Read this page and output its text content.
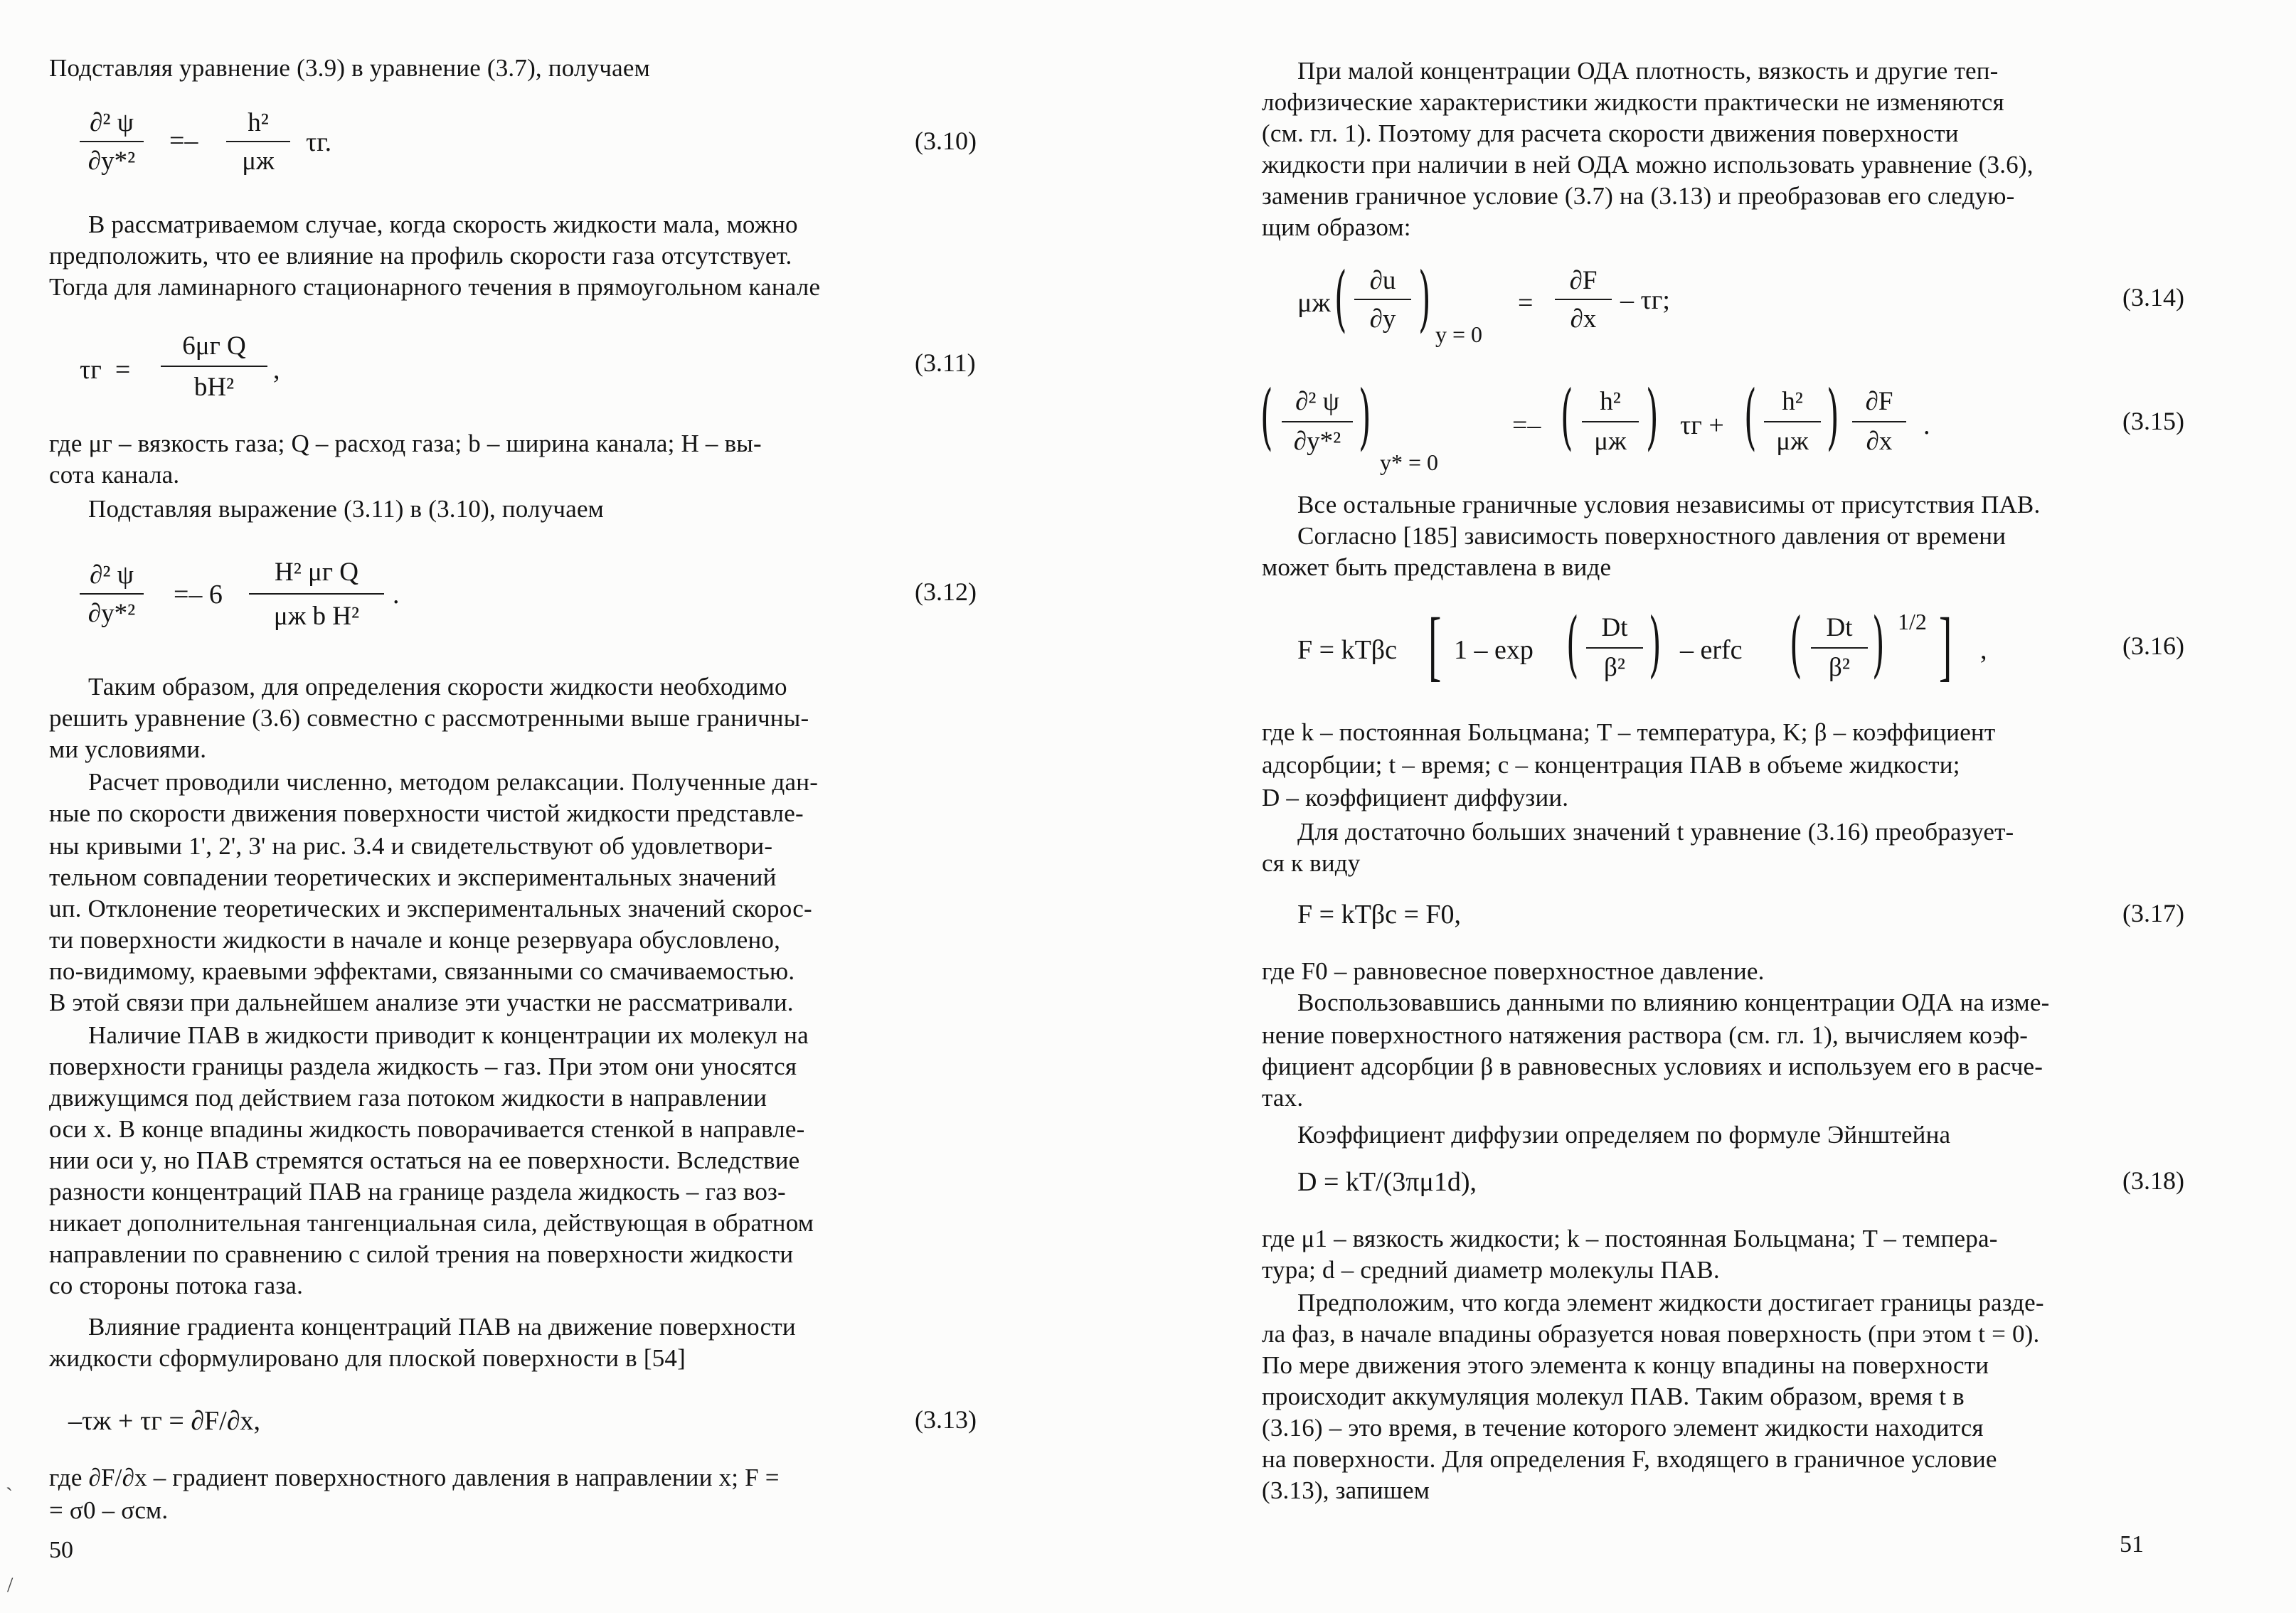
Подставляя уравнение (3.9) в уравнение (3.7), получаем

∂² ψ
∂y*²
=–
h²
μж
τг.	(3.10)

В рассматриваемом случае, когда скорость жидкости мала, можно

предположить, что ее влияние на профиль скорости газа отсутствует.

Тогда для ламинарного стационарного течения в прямоугольном канале

τг  =
6μг Q
bH²
,	(3.11)

где μг – вязкость газа; Q – расход газа; b – ширина канала; H – вы-

сота канала.

Подставляя выражение (3.11) в (3.10), получаем

∂² ψ
∂y*²
=– 6
H² μг Q
μж b H²
.	(3.12)

Таким образом, для определения скорости жидкости необходимо

решить уравнение (3.6) совместно с рассмотренными выше граничны-

ми условиями.

Расчет проводили численно, методом релаксации. Полученные дан-

ные по скорости движения поверхности чистой жидкости представле-

ны кривыми 1', 2', 3' на рис. 3.4 и свидетельствуют об удовлетвори-

тельном совпадении теоретических и экспериментальных значений

uп. Отклонение теоретических и экспериментальных значений скорос-

ти поверхности жидкости в начале и конце резервуара обусловлено,

по-видимому, краевыми эффектами, связанными со смачиваемостью.

В этой связи при дальнейшем анализе эти участки не рассматривали.

Наличие ПАВ в жидкости приводит к концентрации их молекул на

поверхности границы раздела жидкость – газ. При этом они уносятся

движущимся под действием газа потоком жидкости в направлении

оси x. В конце впадины жидкость поворачивается стенкой в направле-

нии оси y, но ПАВ стремятся остаться на ее поверхности. Вследствие

разности концентраций ПАВ на границе раздела жидкость – газ воз-

никает дополнительная тангенциальная сила, действующая в обратном

направлении по сравнению с силой трения на поверхности жидкости

со стороны потока газа.

Влияние градиента концентраций ПАВ на движение поверхности

жидкости сформулировано для плоской поверхности в [54]

–τж + τг = ∂F/∂x,	(3.13)

где ∂F/∂x – градиент поверхностного давления в направлении x; F =

= σ0 – σсм.

50
`
/

При малой концентрации ОДА плотность, вязкость и другие теп-

лофизические характеристики жидкости практически не изменяются

(см. гл. 1). Поэтому для расчета скорости движения поверхности

жидкости при наличии в ней ОДА можно использовать уравнение (3.6),

заменив граничное условие (3.7) на (3.13) и преобразовав его следую-

щим образом:

μж ( ∂u
∂y ) y = 0
=
∂F
∂x
– τг;	(3.14)
( ∂² ψ
∂y*² )
y* = 0
=– (	h²
μж ) τг + ( h²
μж )	∂F
∂x
.	(3.15)

Все остальные граничные условия независимы от присутствия ПАВ.

Согласно [185] зависимость поверхностного давления от времени

может быть представлена в виде

F = kTβc [ 1 – exp ( Dt
β² ) – erfc ( Dt
β² ) 1/2 ] ,	(3.16)

где k – постоянная Больцмана; T – температура, K; β – коэффициент

адсорбции; t – время; c – концентрация ПАВ в объеме жидкости;

D – коэффициент диффузии.

Для достаточно больших значений t уравнение (3.16) преобразует-

ся к виду

F = kTβc = F0,	(3.17)

где F0 – равновесное поверхностное давление.

Воспользовавшись данными по влиянию концентрации ОДА на изме-

нение поверхностного натяжения раствора (см. гл. 1), вычисляем коэф-

фициент адсорбции β в равновесных условиях и используем его в расче-

тах.

Коэффициент диффузии определяем по формуле Эйнштейна

D = kT/(3πμ1d),	(3.18)

где μ1 – вязкость жидкости; k – постоянная Больцмана; T – темпера-

тура; d – средний диаметр молекулы ПАВ.

Предположим, что когда элемент жидкости достигает границы разде-

ла фаз, в начале впадины образуется новая поверхность (при этом t = 0).

По мере движения этого элемента к концу впадины на поверхности

происходит аккумуляция молекул ПАВ. Таким образом, время t в

(3.16) – это время, в течение которого элемент жидкости находится

на поверхности. Для определения F, входящего в граничное условие

(3.13), запишем

51
